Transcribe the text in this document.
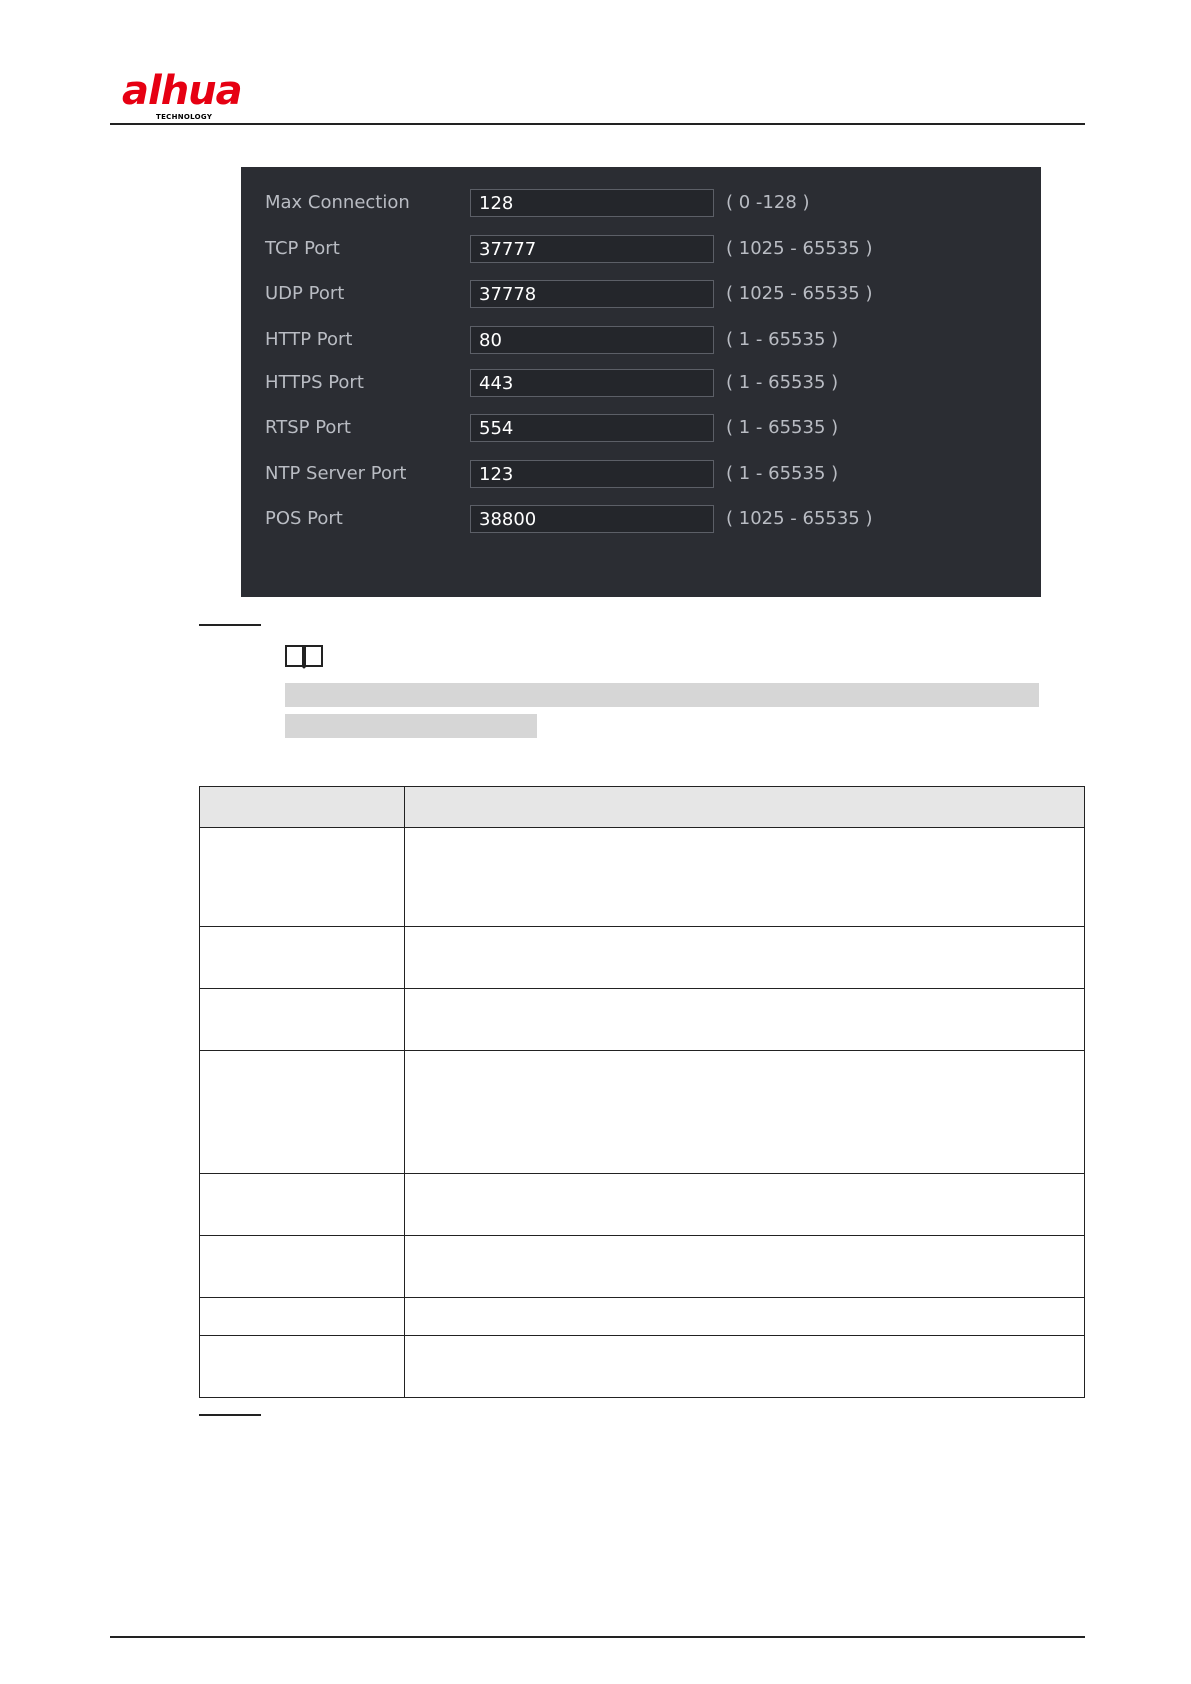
alhua
TECHNOLOGY
Max Connection	128	( 0 -128 )
TCP Port	37777	( 1025 - 65535 )
UDP Port	37778	( 1025 - 65535 )
HTTP Port	80	( 1 - 65535 )
HTTPS Port	443	( 1 - 65535 )
RTSP Port	554	( 1 - 65535 )
NTP Server Port	123	( 1 - 65535 )
POS Port	38800	( 1025 - 65535 )
